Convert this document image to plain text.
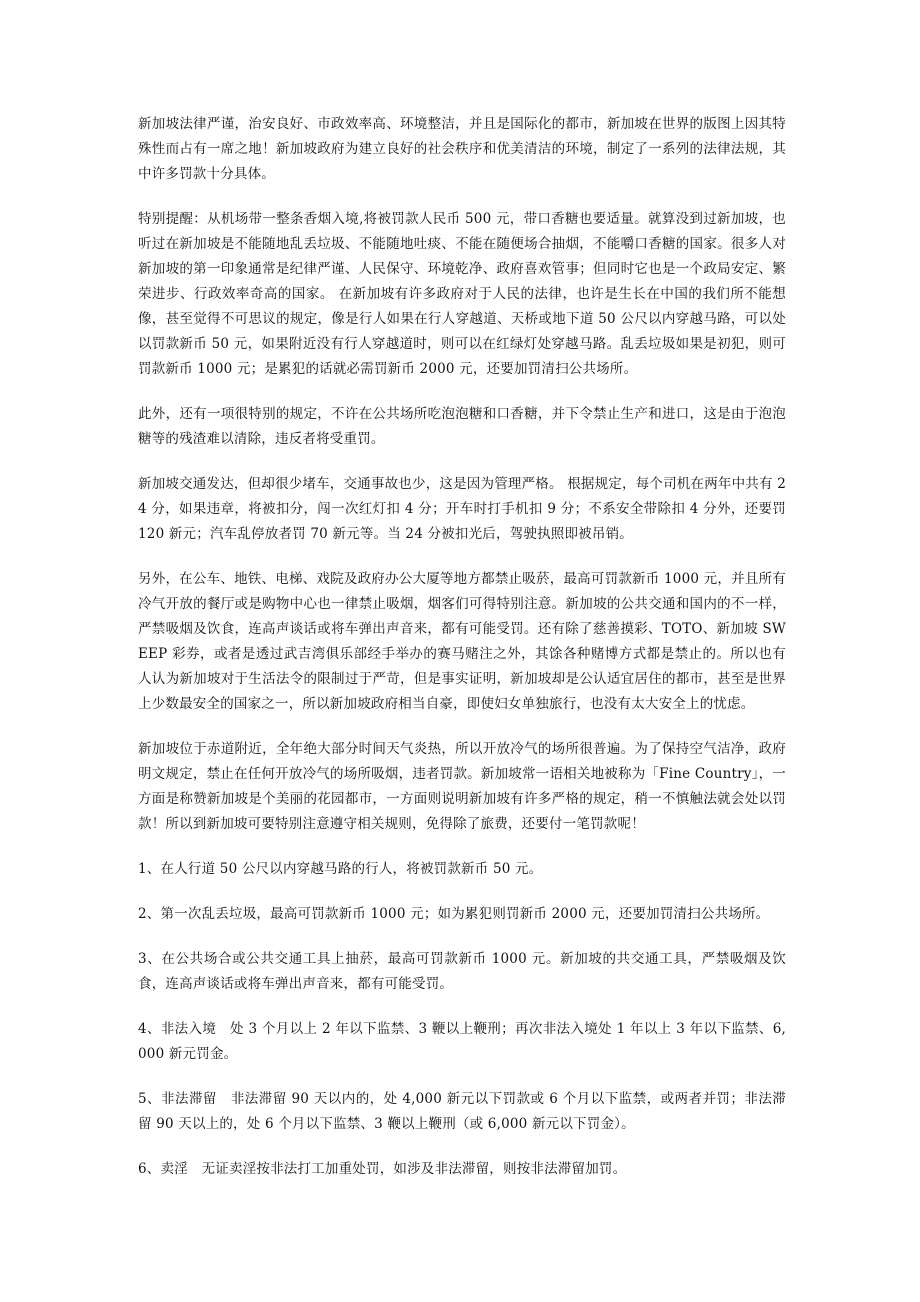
新加坡法律严谨，治安良好、市政效率高、环境整洁，并且是国际化的都市，新加坡在世界的版图上因其特殊性而占有一席之地！新加坡政府为建立良好的社会秩序和优美清洁的环境，制定了一系列的法律法规，其中许多罚款十分具体。

特别提醒：从机场带一整条香烟入境,将被罚款人民币 500 元，带口香糖也要适量。就算没到过新加坡，也听过在新加坡是不能随地乱丢垃圾、不能随地吐痰、不能在随便场合抽烟，不能嚼口香糖的国家。很多人对新加坡的第一印象通常是纪律严谨、人民保守、环境乾净、政府喜欢管事；但同时它也是一个政局安定、繁荣进步、行政效率奇高的国家。 在新加坡有许多政府对于人民的法律，也许是生长在中国的我们所不能想像，甚至觉得不可思议的规定，像是行人如果在行人穿越道、天桥或地下道 50 公尺以内穿越马路，可以处以罚款新币 50 元，如果附近没有行人穿越道时，则可以在红绿灯处穿越马路。乱丢垃圾如果是初犯，则可罚款新币 1000 元；是累犯的话就必需罚新币 2000 元，还要加罚清扫公共场所。

此外，还有一项很特别的规定，不许在公共场所吃泡泡糖和口香糖，并下令禁止生产和进口，这是由于泡泡糖等的残渣难以清除，违反者将受重罚。

新加坡交通发达，但却很少堵车，交通事故也少，这是因为管理严格。 根据规定，每个司机在两年中共有 24 分，如果违章，将被扣分，闯一次红灯扣 4 分；开车时打手机扣 9 分；不系安全带除扣 4 分外，还要罚 120 新元；汽车乱停放者罚 70 新元等。当 24 分被扣光后，驾驶执照即被吊销。

另外，在公车、地铁、电梯、戏院及政府办公大厦等地方都禁止吸菸，最高可罚款新币 1000 元，并且所有冷气开放的餐厅或是购物中心也一律禁止吸烟，烟客们可得特别注意。新加坡的公共交通和国内的不一样，严禁吸烟及饮食，连高声谈话或将车弹出声音来，都有可能受罚。还有除了慈善摸彩、TOTO、新加坡 SWEEP 彩券，或者是透过武吉湾俱乐部经手举办的赛马赌注之外，其馀各种赌博方式都是禁止的。所以也有人认为新加坡对于生活法令的限制过于严苛，但是事实证明，新加坡却是公认适宜居住的都市，甚至是世界上少数最安全的国家之一，所以新加坡政府相当自豪，即使妇女单独旅行，也没有太大安全上的忧虑。

新加坡位于赤道附近，全年绝大部分时间天气炎热，所以开放冷气的场所很普遍。为了保持空气洁净，政府明文规定，禁止在任何开放冷气的场所吸烟，违者罚款。新加坡常一语相关地被称为「Fine Country」，一方面是称赞新加坡是个美丽的花园都市，一方面则说明新加坡有许多严格的规定，稍一不慎触法就会处以罚款！所以到新加坡可要特别注意遵守相关规则，免得除了旅费，还要付一笔罚款呢！

1、在人行道 50 公尺以内穿越马路的行人，将被罚款新币 50 元。

2、第一次乱丢垃圾，最高可罚款新币 1000 元；如为累犯则罚新币 2000 元，还要加罚清扫公共场所。

3、在公共场合或公共交通工具上抽菸，最高可罚款新币 1000 元。新加坡的共交通工具，严禁吸烟及饮食，连高声谈话或将车弹出声音来，都有可能受罚。

4、非法入境　处 3 个月以上 2 年以下监禁、3 鞭以上鞭刑；再次非法入境处 1 年以上 3 年以下监禁、6,000 新元罚金。

5、非法滞留　非法滞留 90 天以内的，处 4,000 新元以下罚款或 6 个月以下监禁，或两者并罚；非法滞留 90 天以上的，处 6 个月以下监禁、3 鞭以上鞭刑（或 6,000 新元以下罚金）。

6、卖淫　无证卖淫按非法打工加重处罚，如涉及非法滞留，则按非法滞留加罚。
